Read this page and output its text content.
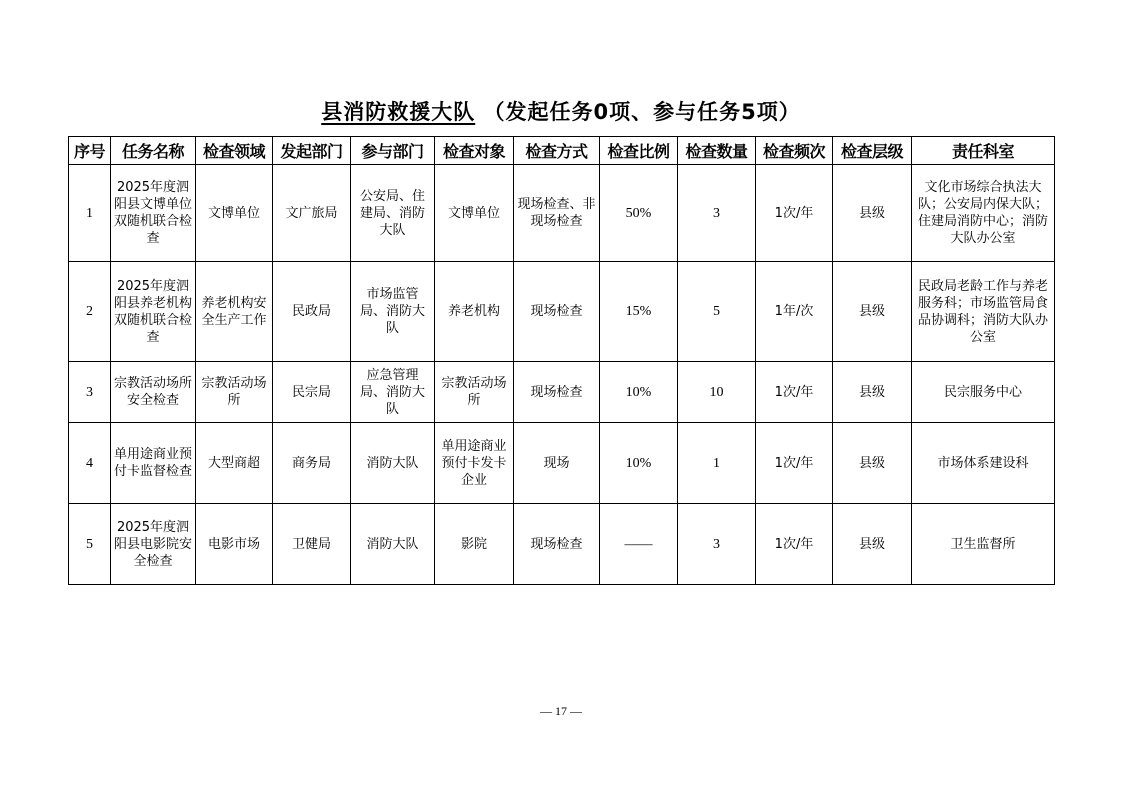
县消防救援大队 （发起任务0项、参与任务5项）
序号	任务名称	检查领域	发起部门	参与部门	检查对象	检查方式	检查比例	检查数量	检查频次	检查层级	责任科室
1	2025年度泗阳县文博单位双随机联合检查	文博单位	文广旅局	公安局、住建局、消防大队	文博单位	现场检查、非现场检查	50%	3	1次/年	县级	文化市场综合执法大队；公安局内保大队；住建局消防中心；消防大队办公室
2	2025年度泗阳县养老机构双随机联合检查	养老机构安全生产工作	民政局	市场监管局、消防大队	养老机构	现场检查	15%	5	1年/次	县级	民政局老龄工作与养老服务科；市场监管局食品协调科；消防大队办公室
3	宗教活动场所安全检查	宗教活动场所	民宗局	应急管理局、消防大队	宗教活动场所	现场检查	10%	10	1次/年	县级	民宗服务中心
4	单用途商业预付卡监督检查	大型商超	商务局	消防大队	单用途商业预付卡发卡企业	现场	10%	1	1次/年	县级	市场体系建设科
5	2025年度泗阳县电影院安全检查	电影市场	卫健局	消防大队	影院	现场检查	——	3	1次/年	县级	卫生监督所
— 17 —
